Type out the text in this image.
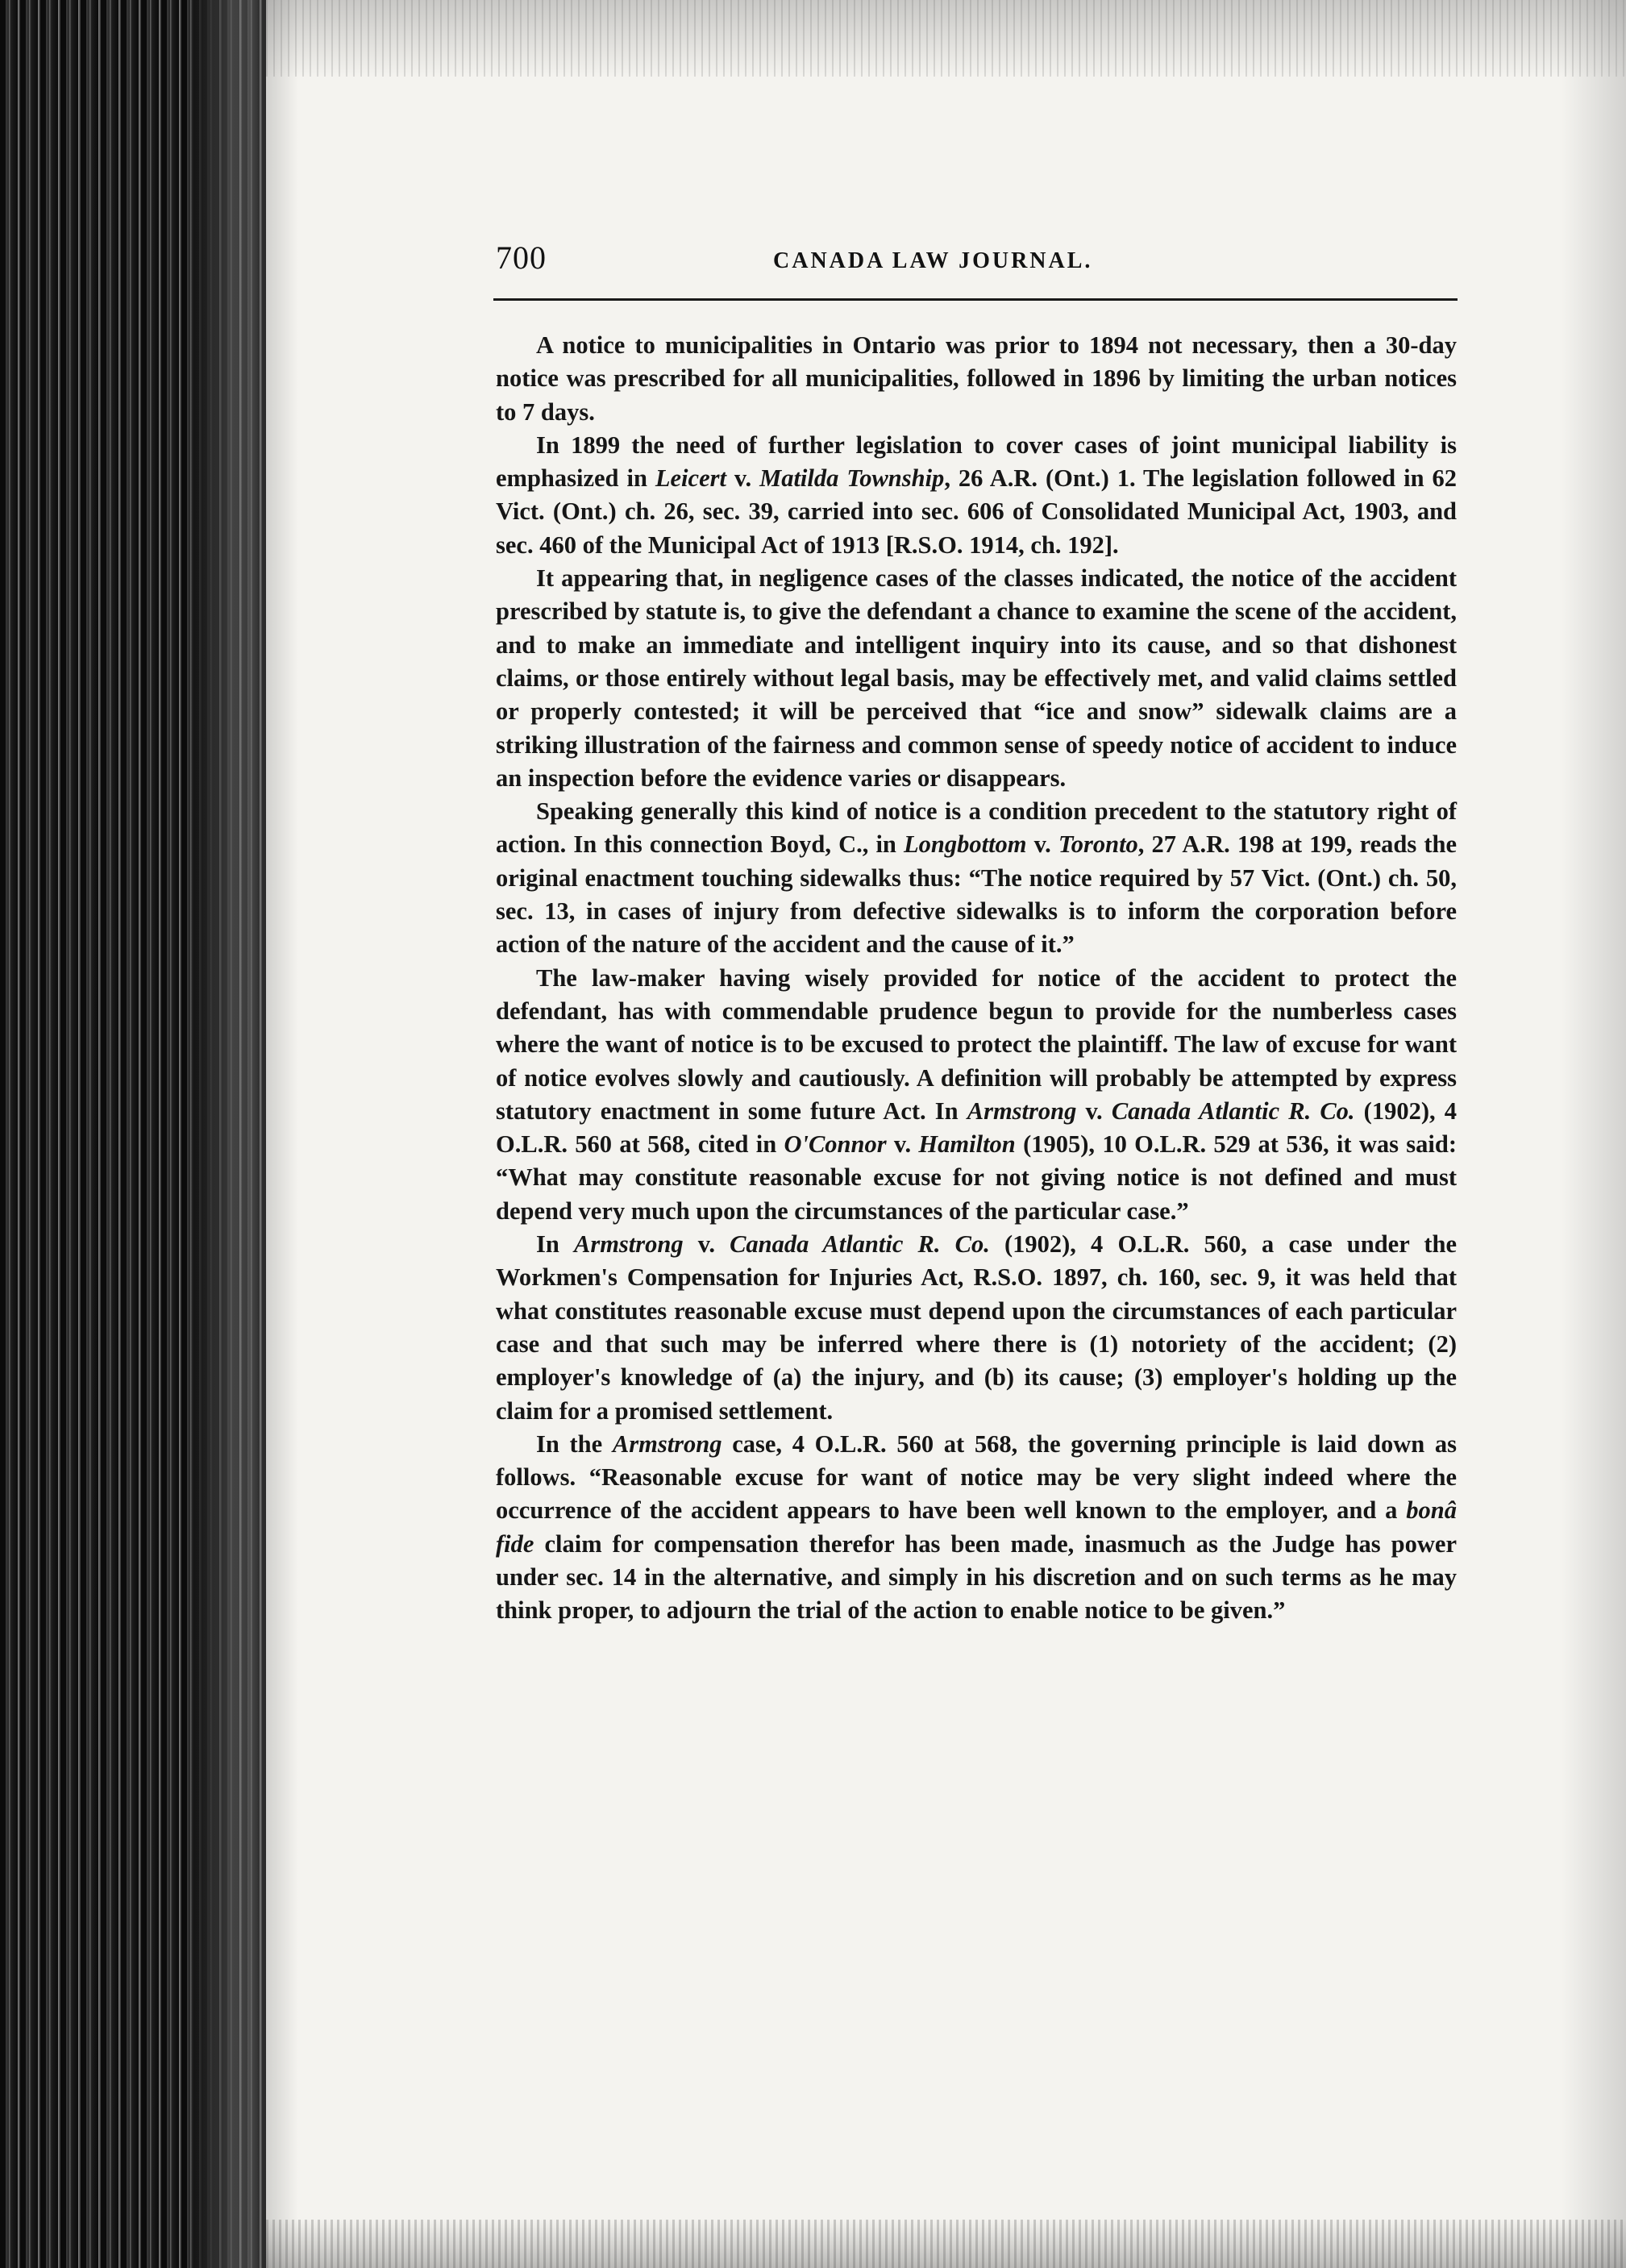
700	CANADA LAW JOURNAL.

A notice to municipalities in Ontario was prior to 1894 not necessary, then a 30-day notice was prescribed for all municipalities, followed in 1896 by limiting the urban notices to 7 days.

In 1899 the need of further legislation to cover cases of joint municipal liability is emphasized in Leicert v. Matilda Township, 26 A.R. (Ont.) 1. The legislation followed in 62 Vict. (Ont.) ch. 26, sec. 39, carried into sec. 606 of Consolidated Municipal Act, 1903, and sec. 460 of the Municipal Act of 1913 [R.S.O. 1914, ch. 192].

It appearing that, in negligence cases of the classes indicated, the notice of the accident prescribed by statute is, to give the defendant a chance to examine the scene of the accident, and to make an immediate and intelligent inquiry into its cause, and so that dishonest claims, or those entirely without legal basis, may be effectively met, and valid claims settled or properly contested; it will be perceived that “ice and snow” sidewalk claims are a striking illustration of the fairness and common sense of speedy notice of accident to induce an inspection before the evidence varies or disappears.

Speaking generally this kind of notice is a condition precedent to the statutory right of action. In this connection Boyd, C., in Longbottom v. Toronto, 27 A.R. 198 at 199, reads the original enactment touching sidewalks thus: “The notice required by 57 Vict. (Ont.) ch. 50, sec. 13, in cases of injury from defective sidewalks is to inform the corporation before action of the nature of the accident and the cause of it.”

The law-maker having wisely provided for notice of the accident to protect the defendant, has with commendable prudence begun to provide for the numberless cases where the want of notice is to be excused to protect the plaintiff. The law of excuse for want of notice evolves slowly and cautiously. A definition will probably be attempted by express statutory enactment in some future Act. In Armstrong v. Canada Atlantic R. Co. (1902), 4 O.L.R. 560 at 568, cited in O'Connor v. Hamilton (1905), 10 O.L.R. 529 at 536, it was said: “What may constitute reasonable excuse for not giving notice is not defined and must depend very much upon the circumstances of the particular case.”

In Armstrong v. Canada Atlantic R. Co. (1902), 4 O.L.R. 560, a case under the Workmen's Compensation for Injuries Act, R.S.O. 1897, ch. 160, sec. 9, it was held that what constitutes reasonable excuse must depend upon the circumstances of each particular case and that such may be inferred where there is (1) notoriety of the accident; (2) employer's knowledge of (a) the injury, and (b) its cause; (3) employer's holding up the claim for a promised settlement.

In the Armstrong case, 4 O.L.R. 560 at 568, the governing principle is laid down as follows. “Reasonable excuse for want of notice may be very slight indeed where the occurrence of the accident appears to have been well known to the employer, and a bonâ fide claim for compensation therefor has been made, inasmuch as the Judge has power under sec. 14 in the alternative, and simply in his discretion and on such terms as he may think proper, to adjourn the trial of the action to enable notice to be given.”
